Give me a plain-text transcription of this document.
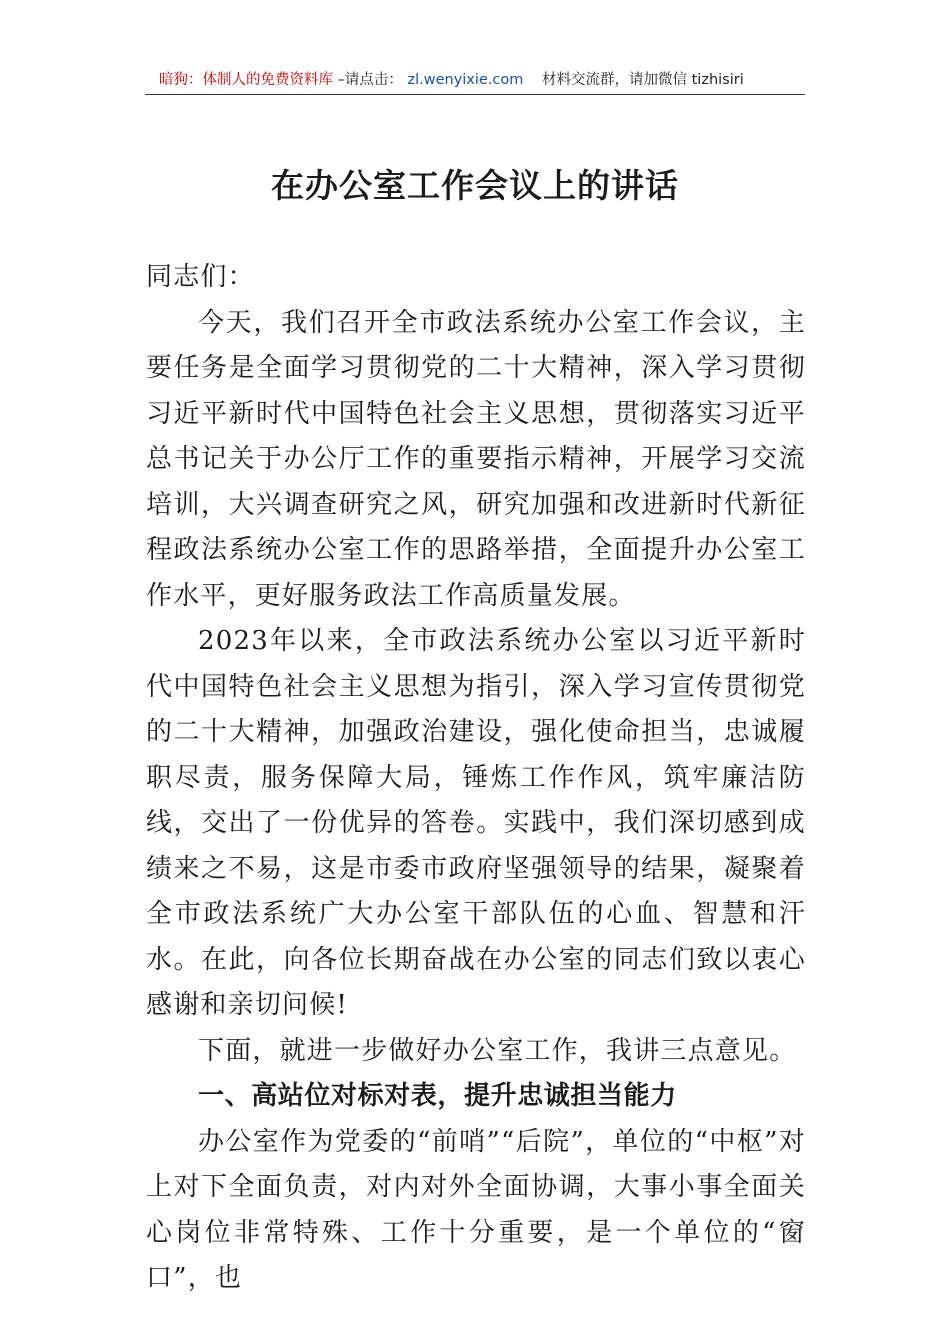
暗狗：体制人的免费资料库 –请点击： zl.wenyixie.com 材料交流群，请加微信 tizhisiri
在办公室工作会议上的讲话

同志们：

今天，我们召开全市政法系统办公室工作会议，主要任务是全面学习贯彻党的二十大精神，深入学习贯彻习近平新时代中国特色社会主义思想，贯彻落实习近平总书记关于办公厅工作的重要指示精神，开展学习交流培训，大兴调查研究之风，研究加强和改进新时代新征程政法系统办公室工作的思路举措，全面提升办公室工作水平，更好服务政法工作高质量发展。

2023年以来，全市政法系统办公室以习近平新时代中国特色社会主义思想为指引，深入学习宣传贯彻党的二十大精神，加强政治建设，强化使命担当，忠诚履职尽责，服务保障大局，锤炼工作作风，筑牢廉洁防线，交出了一份优异的答卷。实践中，我们深切感到成绩来之不易，这是市委市政府坚强领导的结果，凝聚着全市政法系统广大办公室干部队伍的心血、智慧和汗水。在此，向各位长期奋战在办公室的同志们致以衷心感谢和亲切问候!

下面，就进一步做好办公室工作，我讲三点意见。

一、高站位对标对表，提升忠诚担当能力

办公室作为党委的“前哨”“后院”，单位的“中枢”对上对下全面负责，对内对外全面协调，大事小事全面关心岗位非常特殊、工作十分重要，是一个单位的“窗口”，也
